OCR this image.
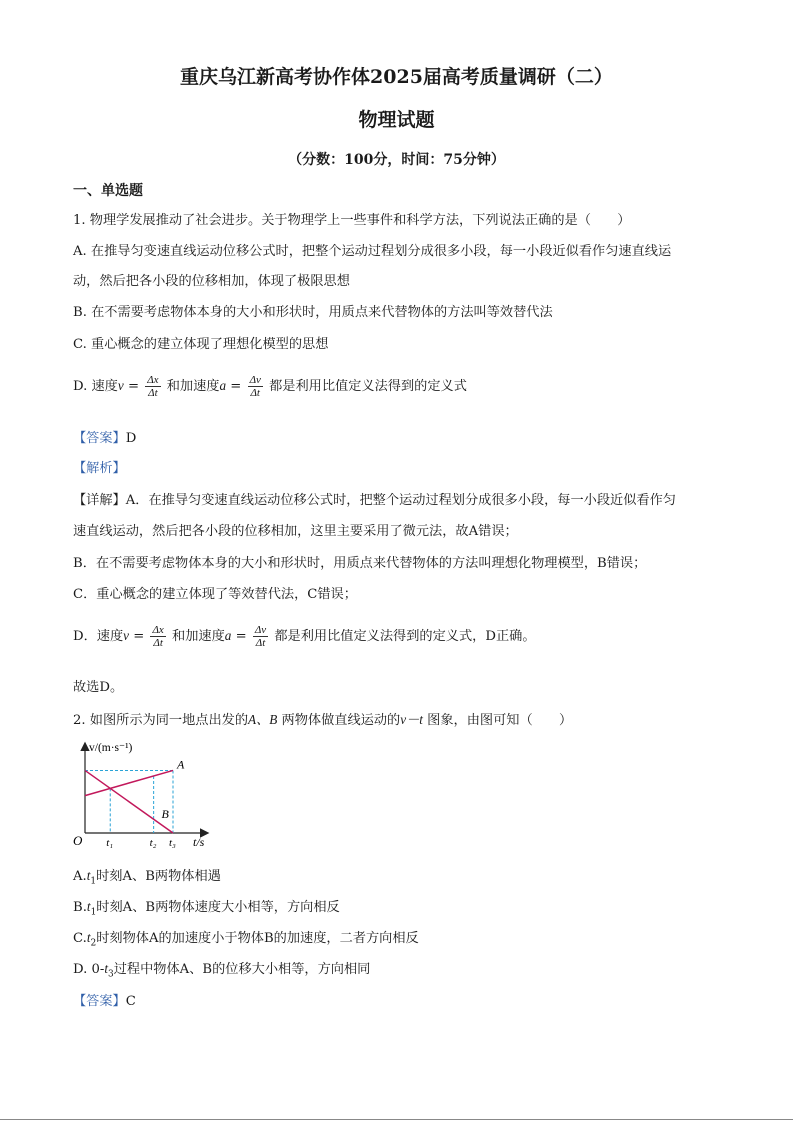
重庆乌江新高考协作体2025届高考质量调研（二）
物理试题
（分数：100分，时间：75分钟）
一、单选题
1. 物理学发展推动了社会进步。关于物理学上一些事件和科学方法，下列说法正确的是（　　）
A. 在推导匀变速直线运动位移公式时，把整个运动过程划分成很多小段，每一小段近似看作匀速直线运
动，然后把各小段的位移相加，体现了极限思想
B. 在不需要考虑物体本身的大小和形状时，用质点来代替物体的方法叫等效替代法
C. 重心概念的建立体现了理想化模型的思想
D. 速度$v = \frac{\Delta x}{\Delta t}$ 和加速度$a = \frac{\Delta v}{\Delta t}$ 都是利用比值定义法得到的定义式
【答案】D
【解析】
【详解】A．在推导匀变速直线运动位移公式时，把整个运动过程划分成很多小段，每一小段近似看作匀
速直线运动，然后把各小段的位移相加，这里主要采用了微元法，故A错误；
B．在不需要考虑物体本身的大小和形状时，用质点来代替物体的方法叫理想化物理模型，B错误；
C．重心概念的建立体现了等效替代法，C错误；
D．速度$v = \frac{\Delta x}{\Delta t}$ 和加速度$a = \frac{\Delta v}{\Delta t}$ 都是利用比值定义法得到的定义式，D正确。
故选D。
2. 如图所示为同一地点出发的A、B 两物体做直线运动的v－t 图象，由图可知（　　）
A
B
v/(m·s⁻¹)
t/s
O t₁	t₂ t₃
$A.t_1$时刻A、B两物体相遇
$B.t_1$时刻A、B两物体速度大小相等，方向相反
$C.t_2$时刻物体A的加速度小于物体B的加速度，二者方向相反
D. $0-t_3$过程中物体A、B的位移大小相等，方向相同
【答案】C
